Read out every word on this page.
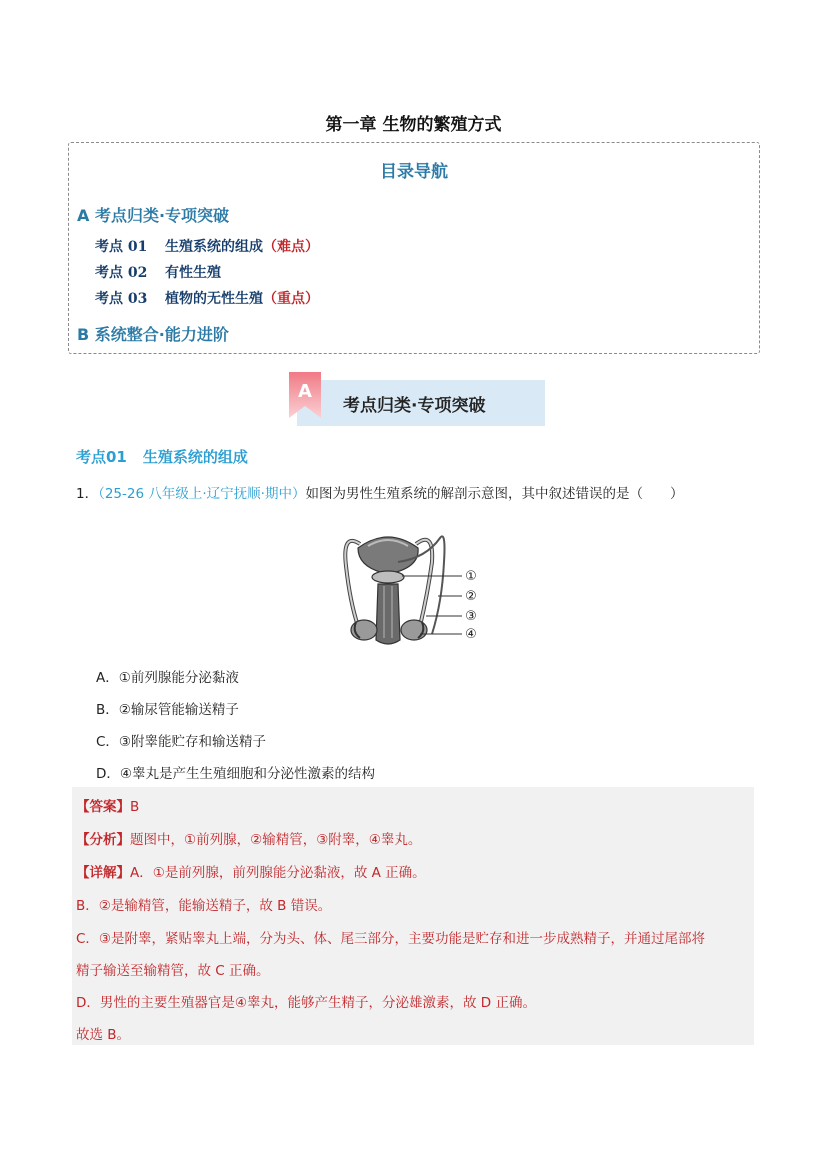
第一章 生物的繁殖方式
目录导航
A 考点归类·专项突破
考点 01 生殖系统的组成（难点）
考点 02 有性生殖
考点 03 植物的无性生殖（重点）
B 系统整合·能力进阶
A
考点归类·专项突破
考点01 生殖系统的组成
1．（25-26 八年级上·辽宁抚顺·期中）如图为男性生殖系统的解剖示意图，其中叙述错误的是（　　）
①
②
③
④
A．①前列腺能分泌黏液
B．②输尿管能输送精子
C．③附睾能贮存和输送精子
D．④睾丸是产生生殖细胞和分泌性激素的结构
【答案】B
【分析】题图中，①前列腺，②输精管，③附睾，④睾丸。
【详解】A．①是前列腺，前列腺能分泌黏液，故 A 正确。
B．②是输精管，能输送精子，故 B 错误。
C．③是附睾，紧贴睾丸上端，分为头、体、尾三部分，主要功能是贮存和进一步成熟精子，并通过尾部将
精子输送至输精管，故 C 正确。
D．男性的主要生殖器官是④睾丸，能够产生精子，分泌雄激素，故 D 正确。
故选 B。
